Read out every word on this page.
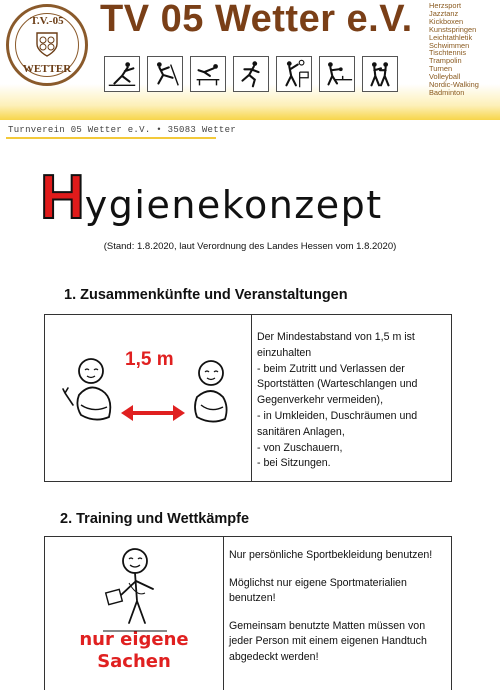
T.V.-05
WETTER
TV 05 Wetter e.V. Herzsport
Jazztanz
Kickboxen
Kunstspringen
Leichtathletik
Schwimmen
Tischtennis
Trampolin
Turnen
Volleyball
Nordic-Walking
Badminton
Turnverein 05 Wetter e.V. • 35083 Wetter
Hygienekonzept
(Stand: 1.8.2020, laut Verordnung des Landes Hessen vom 1.8.2020)
1. Zusammenkünfte und Veranstaltungen
1,5 m
Der Mindestabstand von 1,5 m ist einzuhalten
- beim Zutritt und Verlassen der Sportstätten (Warteschlangen und Gegenverkehr vermeiden),
- in Umkleiden, Duschräumen und sanitären Anlagen,
- von Zuschauern,
- bei Sitzungen.
2. Training und Wettkämpfe
nur eigene
Sachen

Nur persönliche Sportbekleidung benutzen!

Möglichst nur eigene Sportmaterialien benutzen!

Gemeinsam benutzte Matten müssen von jeder Person mit einem eigenen Handtuch abgedeckt werden!
